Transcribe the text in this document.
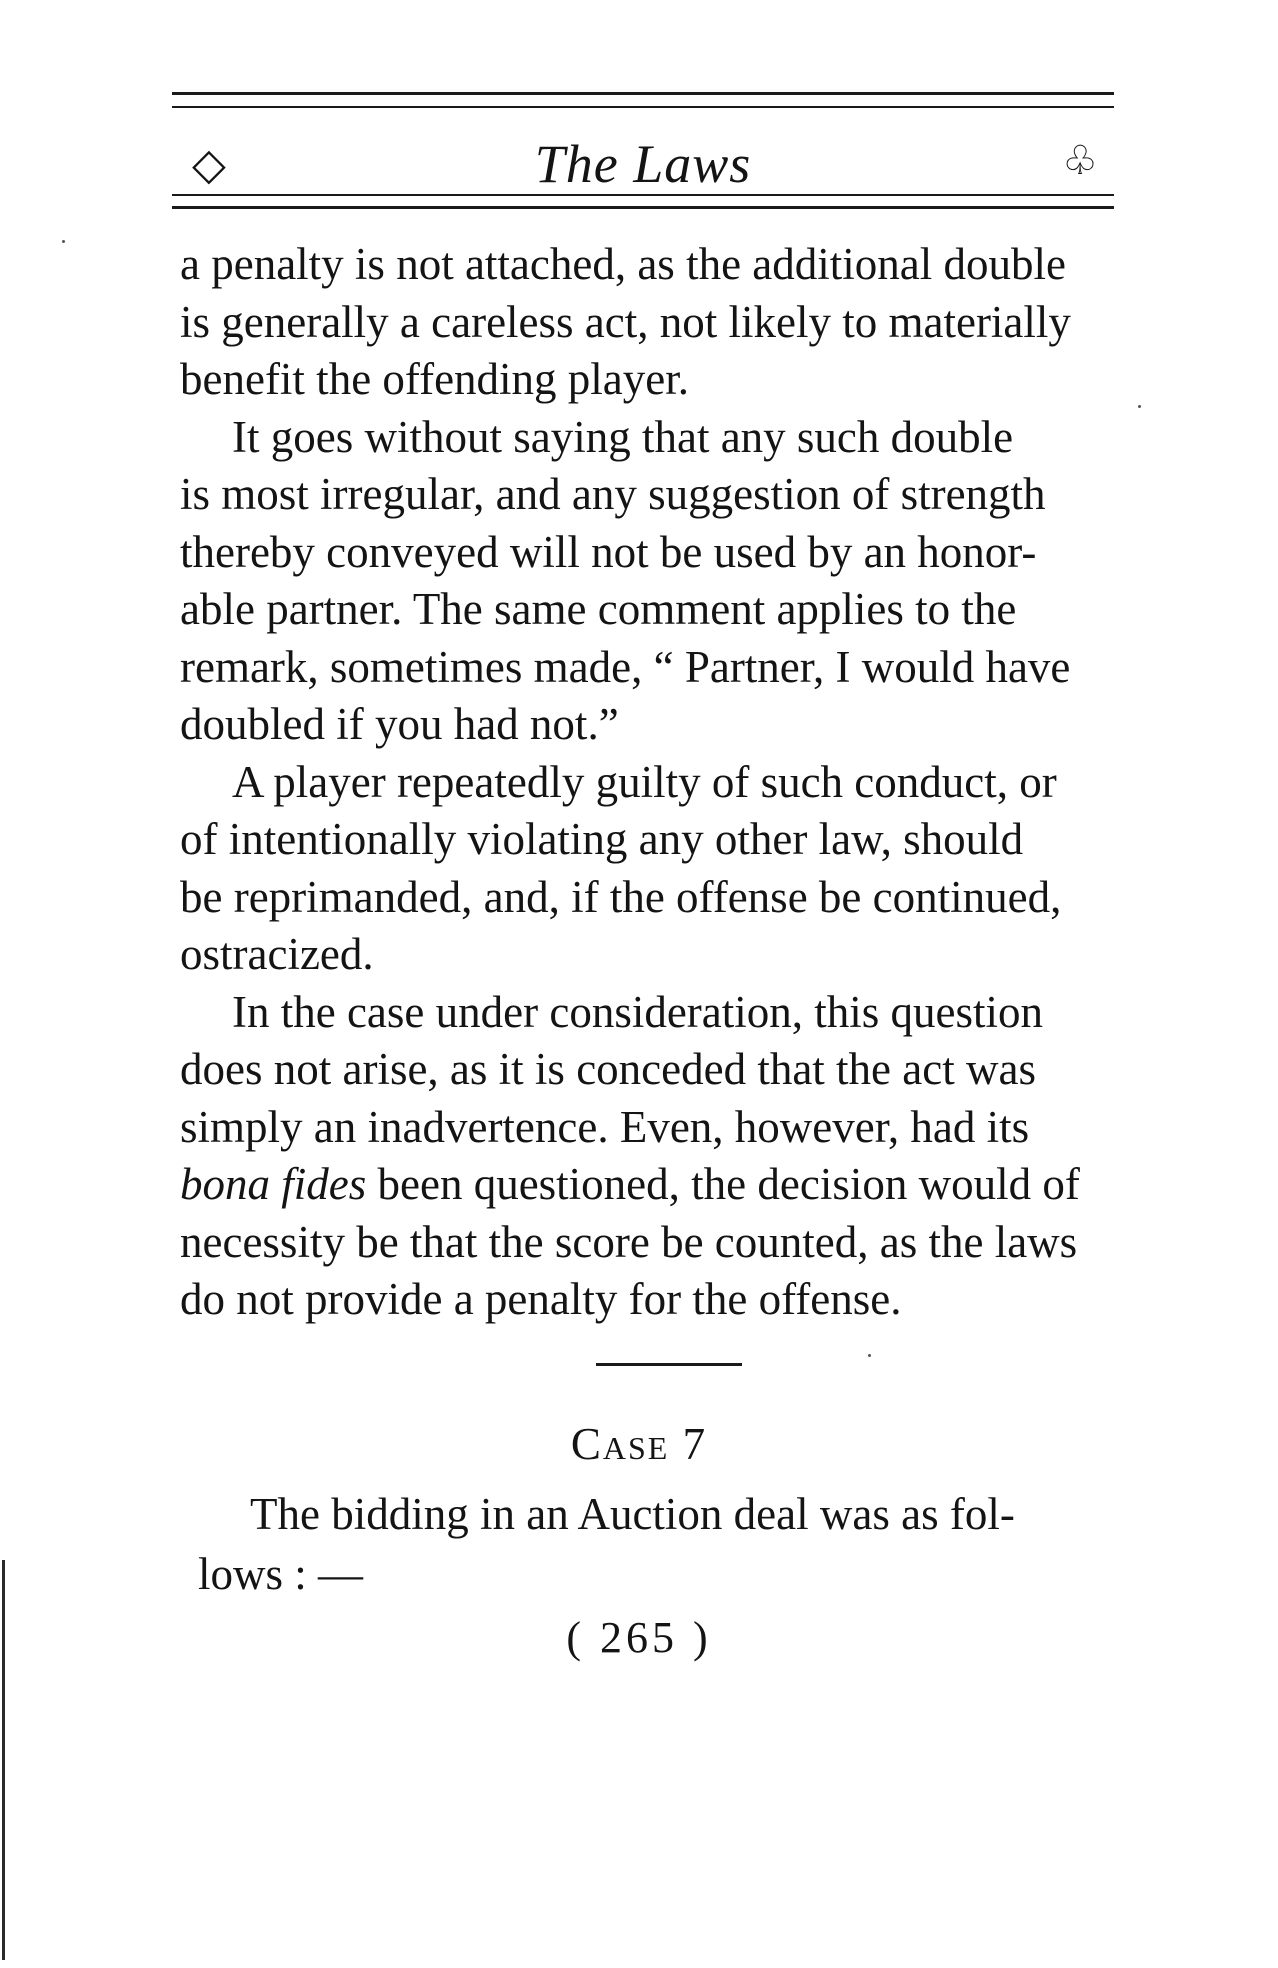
◇	The Laws	♧

a penalty is not attached, as the additional double
is generally a careless act, not likely to materially
benefit the offending player.

It goes without saying that any such double
is most irregular, and any suggestion of strength
thereby conveyed will not be used by an honor-
able partner. The same comment applies to the
remark, sometimes made, “ Partner, I would have
doubled if you had not.”

A player repeatedly guilty of such conduct, or
of intentionally violating any other law, should
be reprimanded, and, if the offense be continued,
ostracized.

In the case under consideration, this question
does not arise, as it is conceded that the act was
simply an inadvertence. Even, however, had its
bona fides been questioned, the decision would of
necessity be that the score be counted, as the laws
do not provide a penalty for the offense.

Case 7
The bidding in an Auction deal was as fol-
lows : —
( 265 )
